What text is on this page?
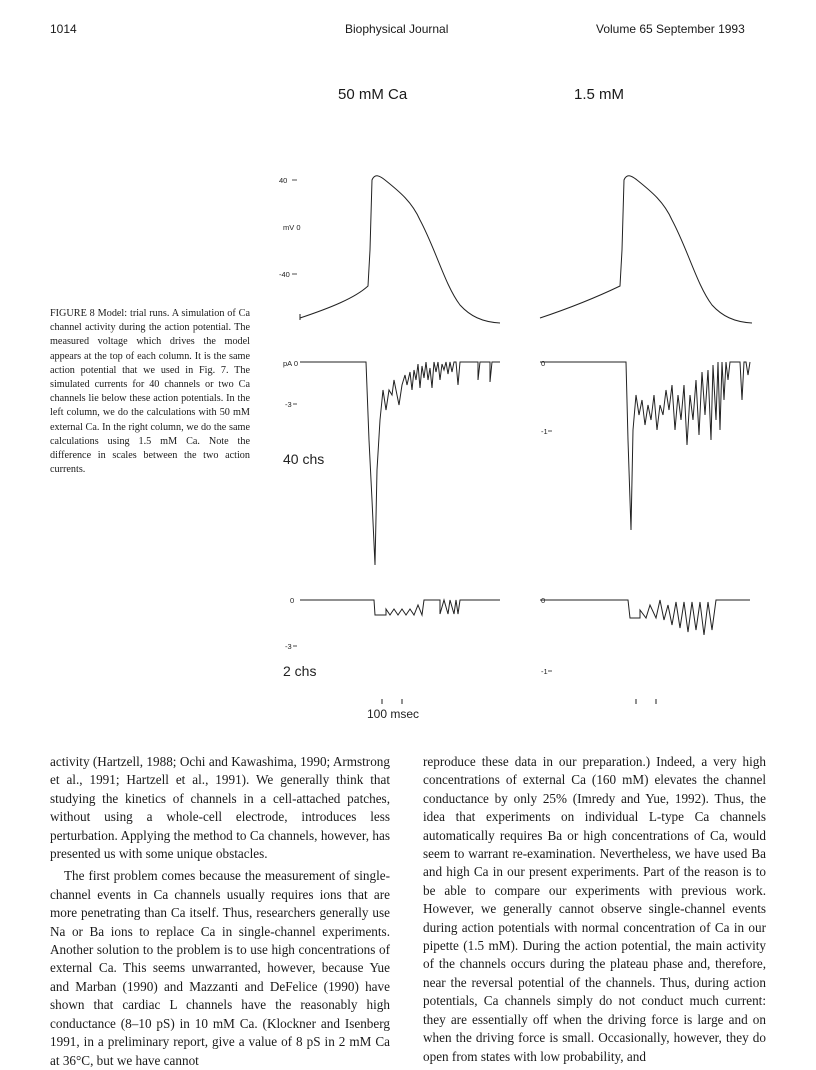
1014	Biophysical Journal	Volume 65 September 1993
50 mM Ca	1.5 mM
FIGURE 8 Model: trial runs. A simulation of Ca channel activity during the action potential. The measured voltage which drives the model appears at the top of each column. It is the same action potential that we used in Fig. 7. The simulated currents for 40 channels or two Ca channels lie below these action potentials. In the left column, we do the calculations with 50 mM external Ca. In the right column, we do the same calculations using 1.5 mM Ca. Note the difference in scales between the two action currents.
40
mV 0
-40
pA 0
-3
0
-1
40 chs
0
-3
0
-1
2 chs
100 msec

activity (Hartzell, 1988; Ochi and Kawashima, 1990; Armstrong et al., 1991; Hartzell et al., 1991). We generally think that studying the kinetics of channels in a cell-attached patches, without using a whole-cell electrode, introduces less perturbation. Applying the method to Ca channels, however, has presented us with some unique obstacles.

The first problem comes because the measurement of single-channel events in Ca channels usually requires ions that are more penetrating than Ca itself. Thus, researchers generally use Na or Ba ions to replace Ca in single-channel experiments. Another solution to the problem is to use high concentrations of external Ca. This seems unwarranted, however, because Yue and Marban (1990) and Mazzanti and DeFelice (1990) have shown that cardiac L channels have the reasonably high conductance (8–10 pS) in 10 mM Ca. (Klockner and Isenberg 1991, in a preliminary report, give a value of 8 pS in 2 mM Ca at 36°C, but we have cannot

reproduce these data in our preparation.) Indeed, a very high concentrations of external Ca (160 mM) elevates the channel conductance by only 25% (Imredy and Yue, 1992). Thus, the idea that experiments on individual L-type Ca channels automatically requires Ba or high concentrations of Ca, would seem to warrant re-examination. Nevertheless, we have used Ba and high Ca in our present experiments. Part of the reason is to be able to compare our experiments with previous work. However, we generally cannot observe single-channel events during action potentials with normal concentration of Ca in our pipette (1.5 mM). During the action potential, the main activity of the channels occurs during the plateau phase and, therefore, near the reversal potential of the channels. Thus, during action potentials, Ca channels simply do not conduct much current: they are essentially off when the driving force is large and on when the driving force is small. Occasionally, however, they do open from states with low probability, and
